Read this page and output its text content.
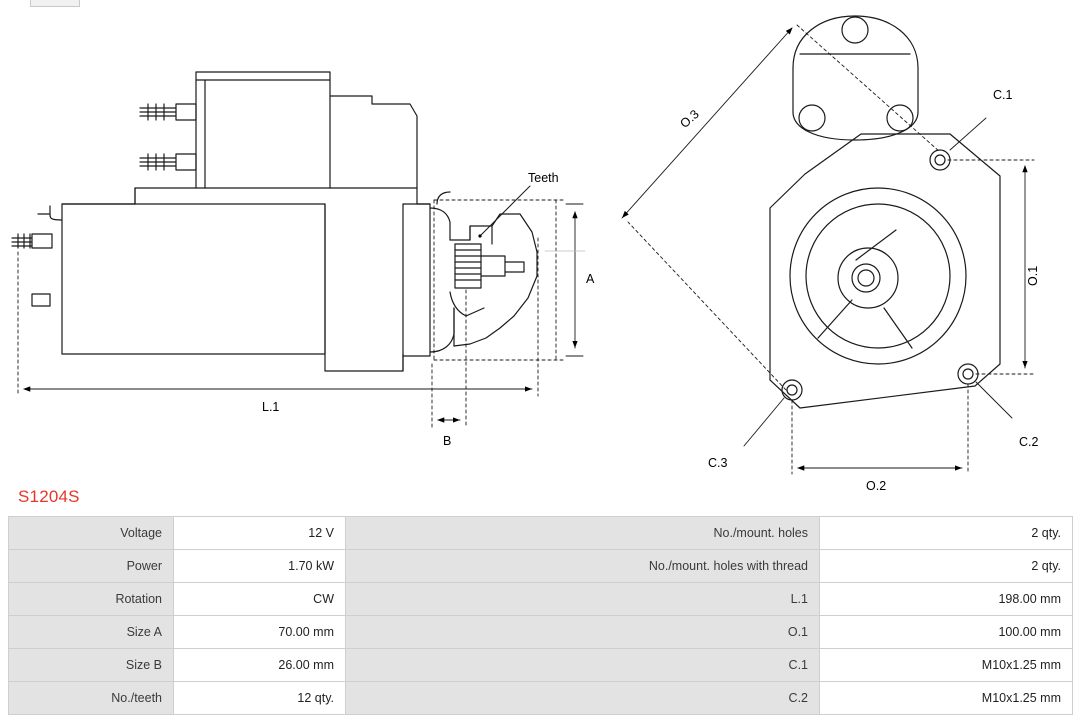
Teeth
A
B
L.1
O.1
O.2
O.3
C.1
C.2
C.3
S1204S
Voltage	12 V	No./mount. holes	2 qty.
Power	1.70 kW	No./mount. holes with thread	2 qty.
Rotation	CW	L.1	198.00 mm
Size A	70.00 mm	O.1	100.00 mm
Size B	26.00 mm	C.1	M10x1.25 mm
No./teeth	12 qty.	C.2	M10x1.25 mm
